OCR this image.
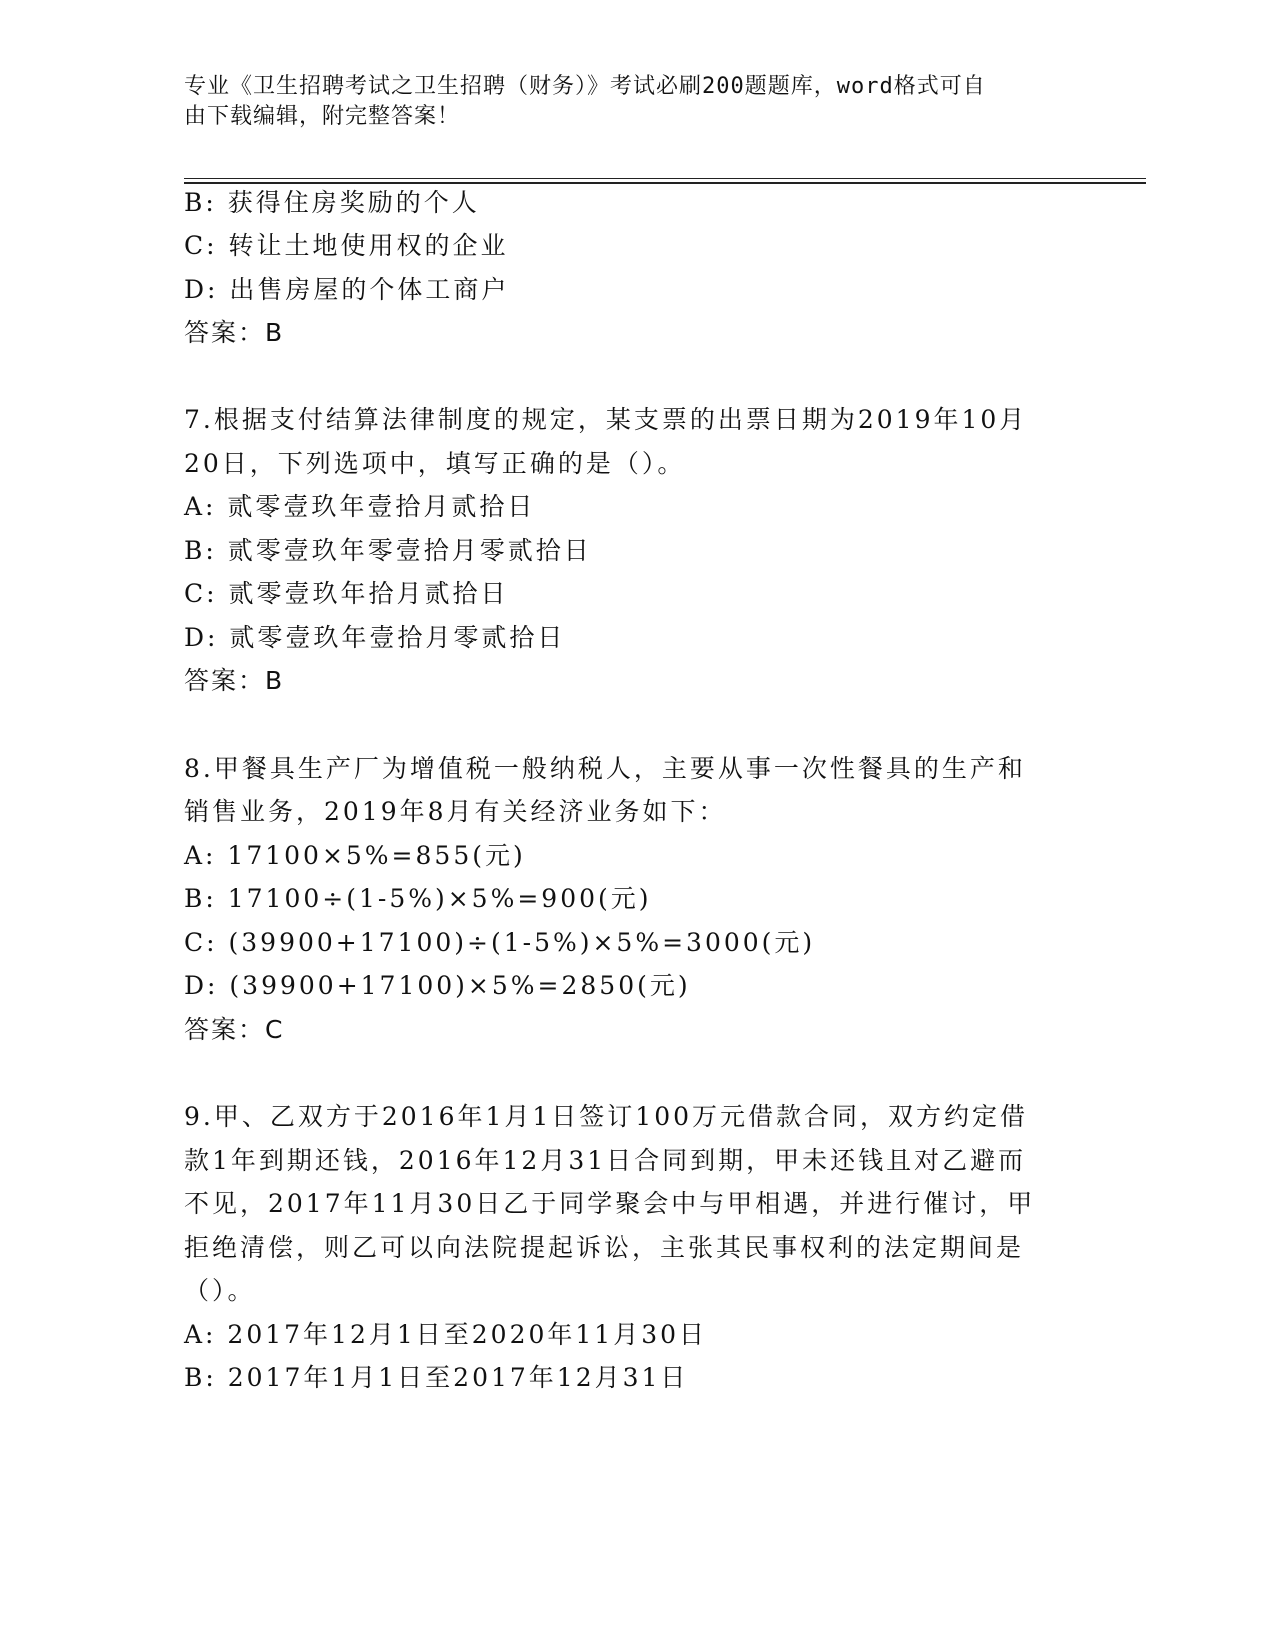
专业《卫生招聘考试之卫生招聘（财务）》考试必刷200题题库，word格式可自
由下载编辑，附完整答案！
B: 获得住房奖励的个人
C: 转让土地使用权的企业
D: 出售房屋的个体工商户
答案：B
7.根据支付结算法律制度的规定，某支票的出票日期为2019年10月
20日，下列选项中，填写正确的是（）。
A: 贰零壹玖年壹拾月贰拾日
B: 贰零壹玖年零壹拾月零贰拾日
C: 贰零壹玖年拾月贰拾日
D: 贰零壹玖年壹拾月零贰拾日
答案：B
8.甲餐具生产厂为增值税一般纳税人，主要从事一次性餐具的生产和
销售业务，2019年8月有关经济业务如下：
A: 17100×5%=855(元)
B: 17100÷(1-5%)×5%=900(元)
C: (39900+17100)÷(1-5%)×5%=3000(元)
D: (39900+17100)×5%=2850(元)
答案：C
9.甲、乙双方于2016年1月1日签订100万元借款合同，双方约定借
款1年到期还钱，2016年12月31日合同到期，甲未还钱且对乙避而
不见，2017年11月30日乙于同学聚会中与甲相遇，并进行催讨，甲
拒绝清偿，则乙可以向法院提起诉讼，主张其民事权利的法定期间是
（）。
A: 2017年12月1日至2020年11月30日
B: 2017年1月1日至2017年12月31日
